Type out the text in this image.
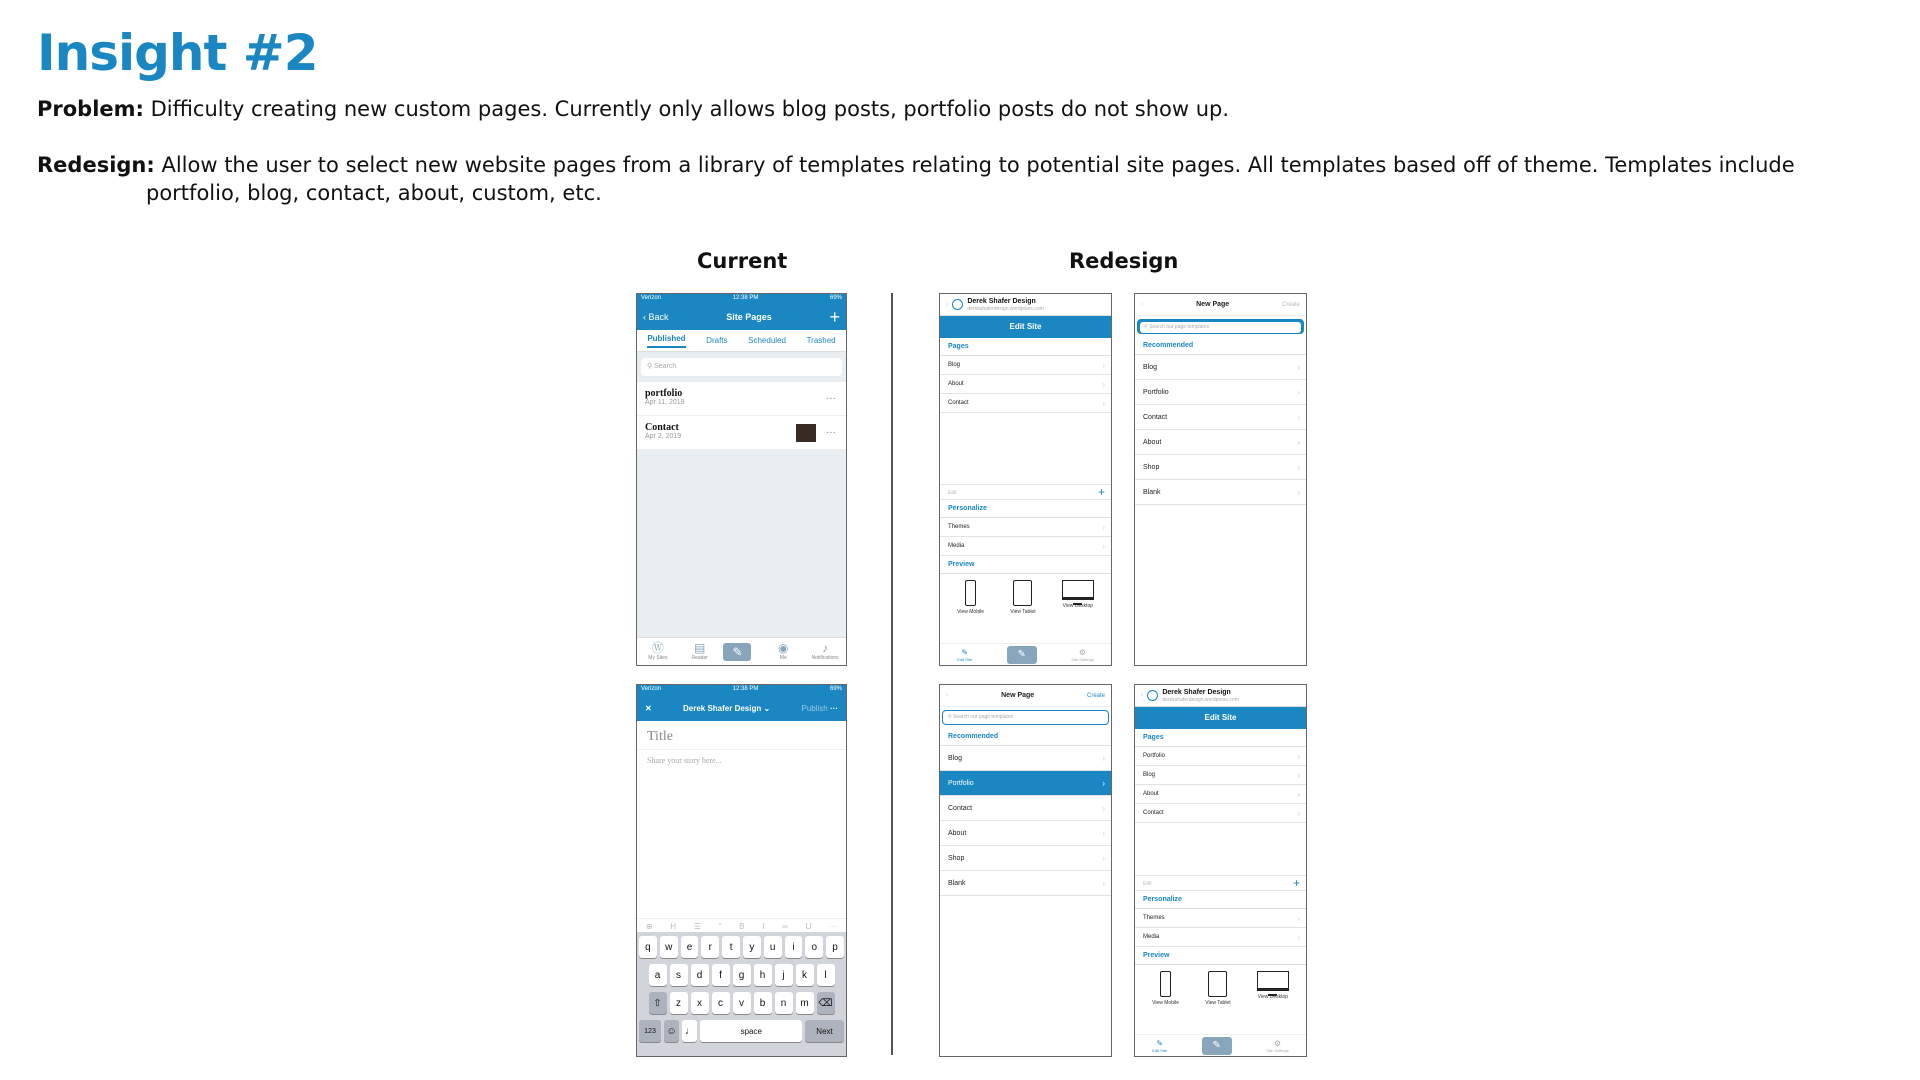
Insight #2
Problem: Difficulty creating new custom pages. Currently only allows blog posts, portfolio posts do not show up.
Redesign: Allow the user to select new website pages from a library of templates relating to potential site pages. All templates based off of theme. Templates include portfolio, blog, contact, about, custom, etc.
Current	Redesign
Verizon	12:38 PM	69%
‹ Back	Site Pages	+
Published	Drafts	Scheduled	Trashed
⚲ Search
portfolio
Apr 11, 2019	···
Contact
Apr 2, 2019	···
Ⓦ
My Sites
▤
Reader	✎	◉
Me
♪
Notifications
Verizon	12:38 PM	69%
✕	Derek Shafer Design ⌄	Publish ···
Title
Share your story here...
⊕ H ☰ “ B I ∞ U ···
q	w	e	r	t	y	u	i	o	p
a	s	d	f	g	h	j	k	l
⇧	z	x	c	v	b	n	m ⌫
123	☺ ♩	space	Next
‹	Derek Shafer Design
derekshaferdesign.wordpress.com
Edit Site
Pages
Blog ›
About ›
Contact ›
Edit	+
Personalize
Themes ›
Media ›
Preview
View Mobile	View Tablet
View Desktop
✎
Edit Site	✎	⚙
Site Settings
‹	New Page	Create
⚲ Search our page templates
Recommended
Blog ›
Portfolio ›
Contact ›
About ›
Shop ›
Blank ›
‹	New Page	Create
⚲ Search our page templates
Recommended
Blog ›
Portfolio ›
Contact ›
About ›
Shop ›
Blank ›
‹	Derek Shafer Design
derekshaferdesign.wordpress.com
Edit Site
Pages
Portfolio ›
Blog ›
About ›
Contact ›
Edit	+
Personalize
Themes ›
Media ›
Preview
View Mobile	View Tablet
View Desktop
✎
Edit Site	✎	⚙
Site Settings
